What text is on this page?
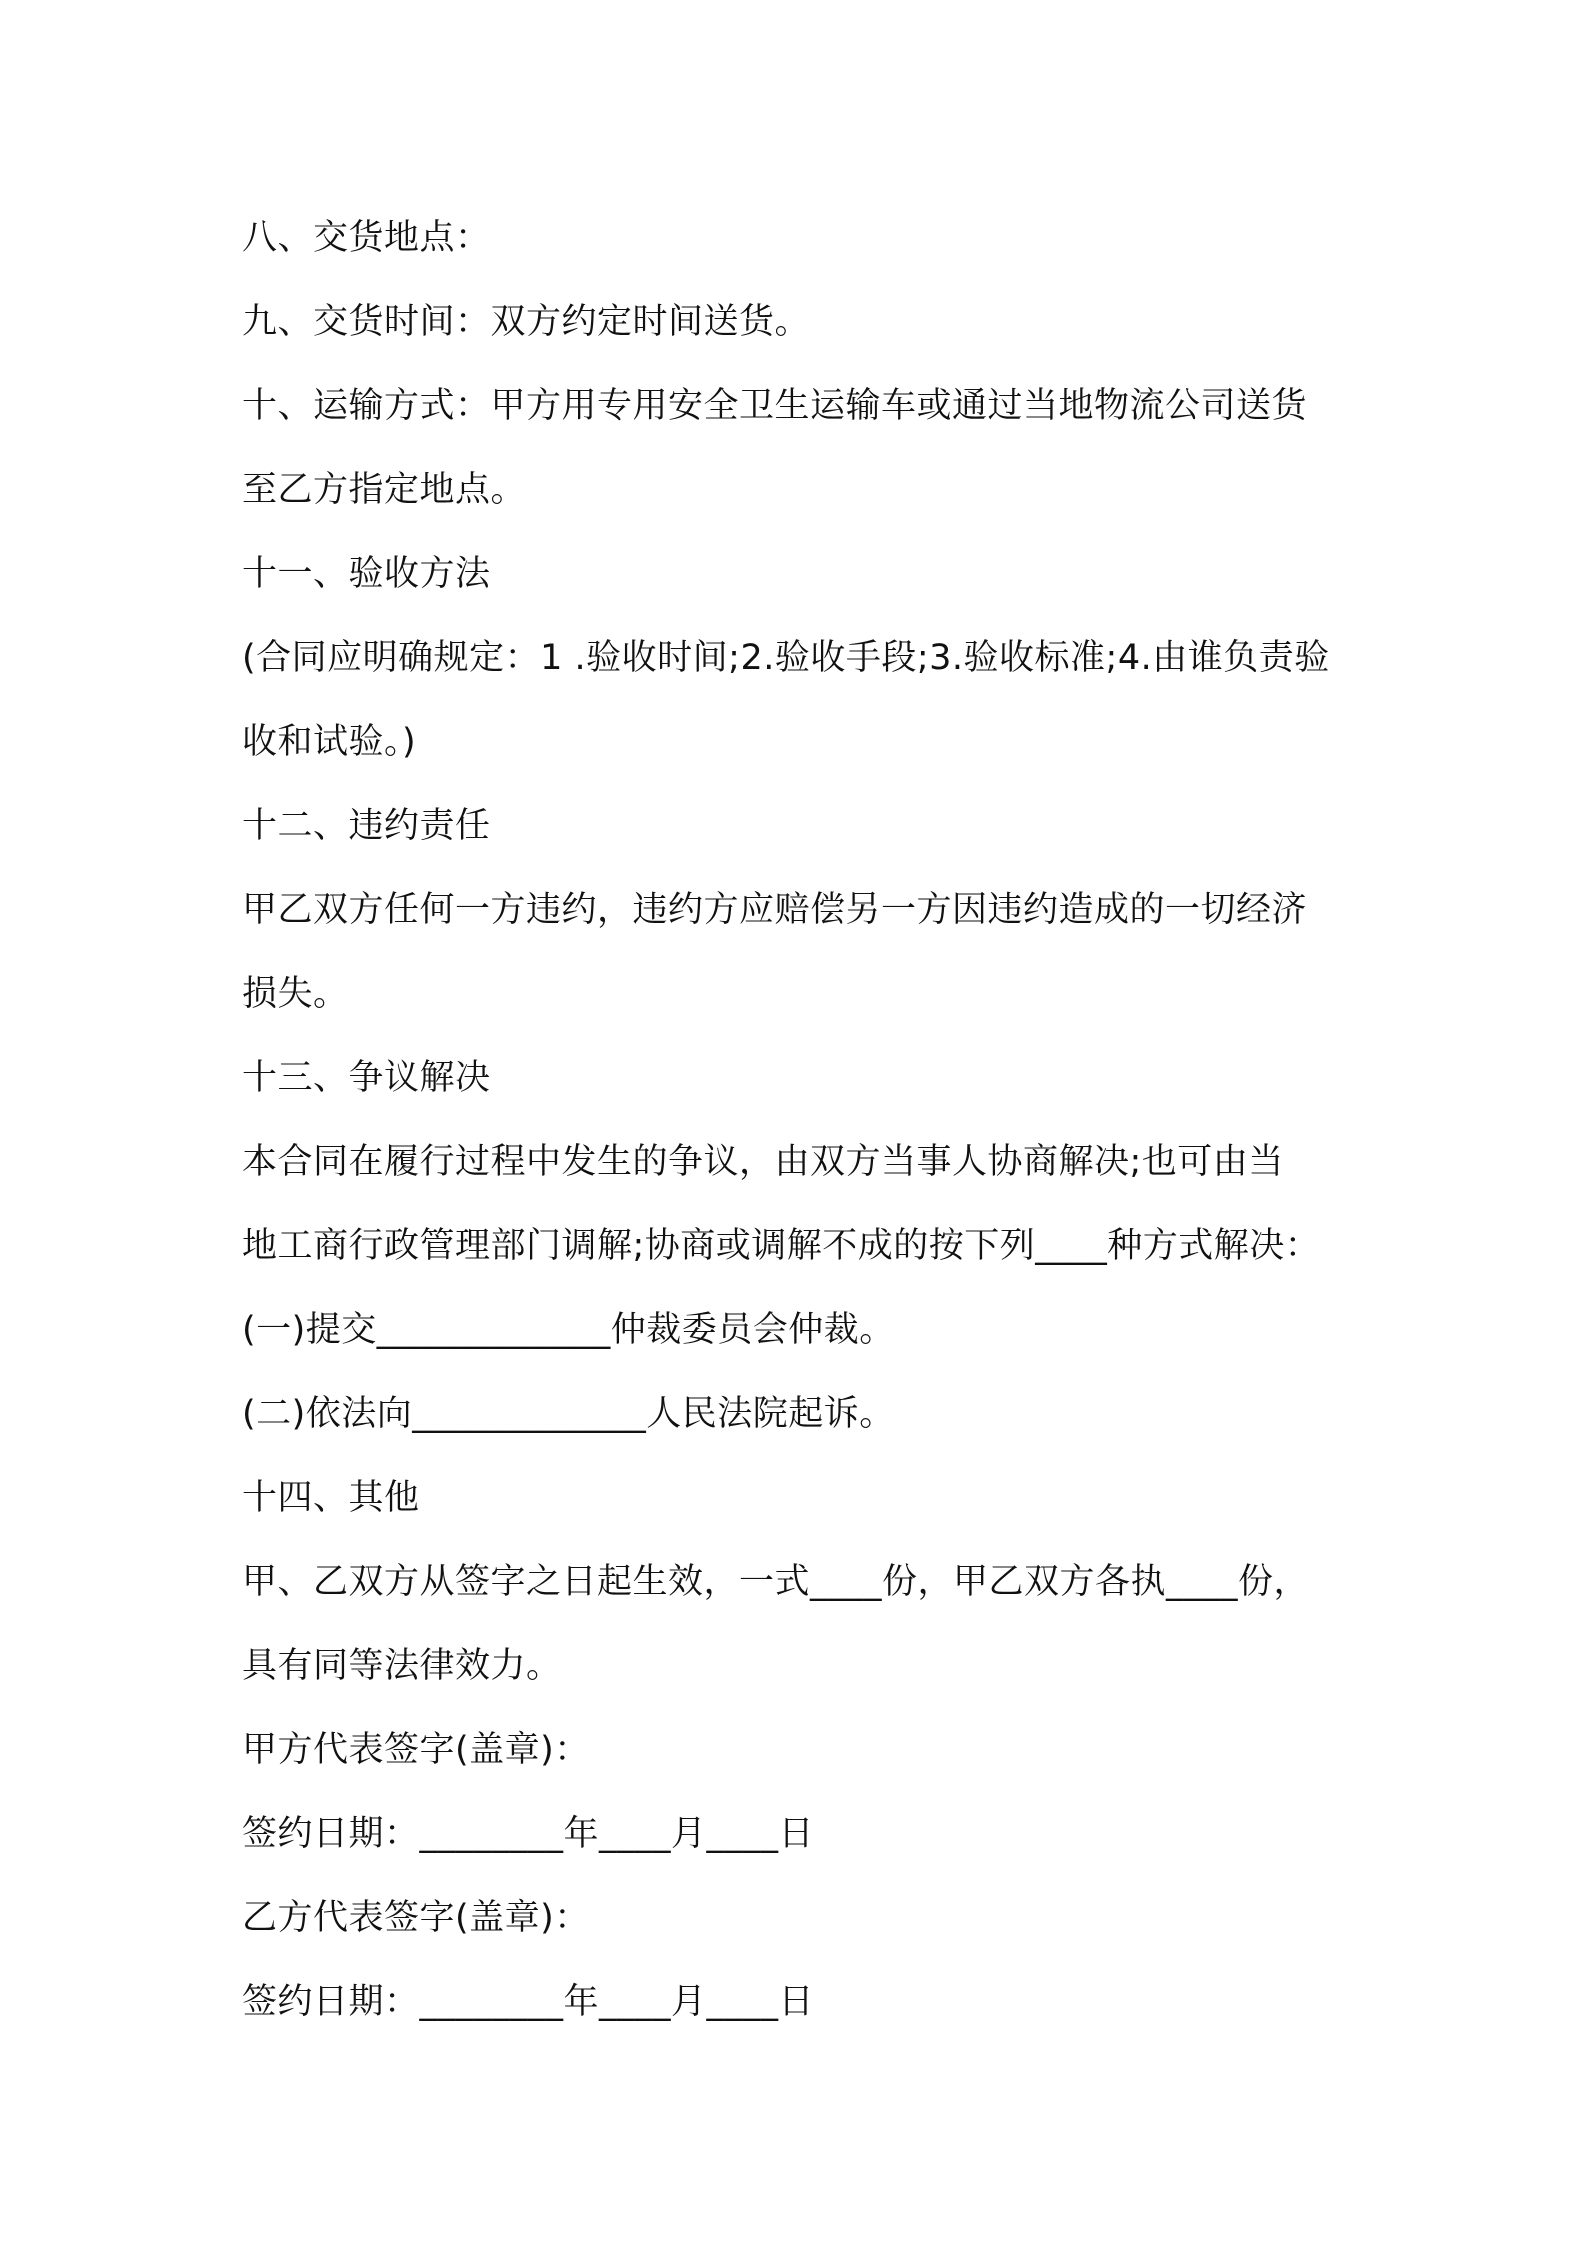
八、交货地点：
九、交货时间：双方约定时间送货。
十、运输方式：甲方用专用安全卫生运输车或通过当地物流公司送货
至乙方指定地点。
十一、验收方法
(合同应明确规定：1 .验收时间;2.验收手段;3.验收标准;4.由谁负责验
收和试验。)
十二、违约责任
甲乙双方任何一方违约，违约方应赔偿另一方因违约造成的一切经济
损失。
十三、争议解决
本合同在履行过程中发生的争议，由双方当事人协商解决;也可由当
地工商行政管理部门调解;协商或调解不成的按下列____种方式解决：
(一)提交_____________仲裁委员会仲裁。
(二)依法向_____________人民法院起诉。
十四、其他
甲、乙双方从签字之日起生效，一式____份，甲乙双方各执____份，
具有同等法律效力。
甲方代表签字(盖章)：
签约日期：________年____月____日
乙方代表签字(盖章)：
签约日期：________年____月____日
